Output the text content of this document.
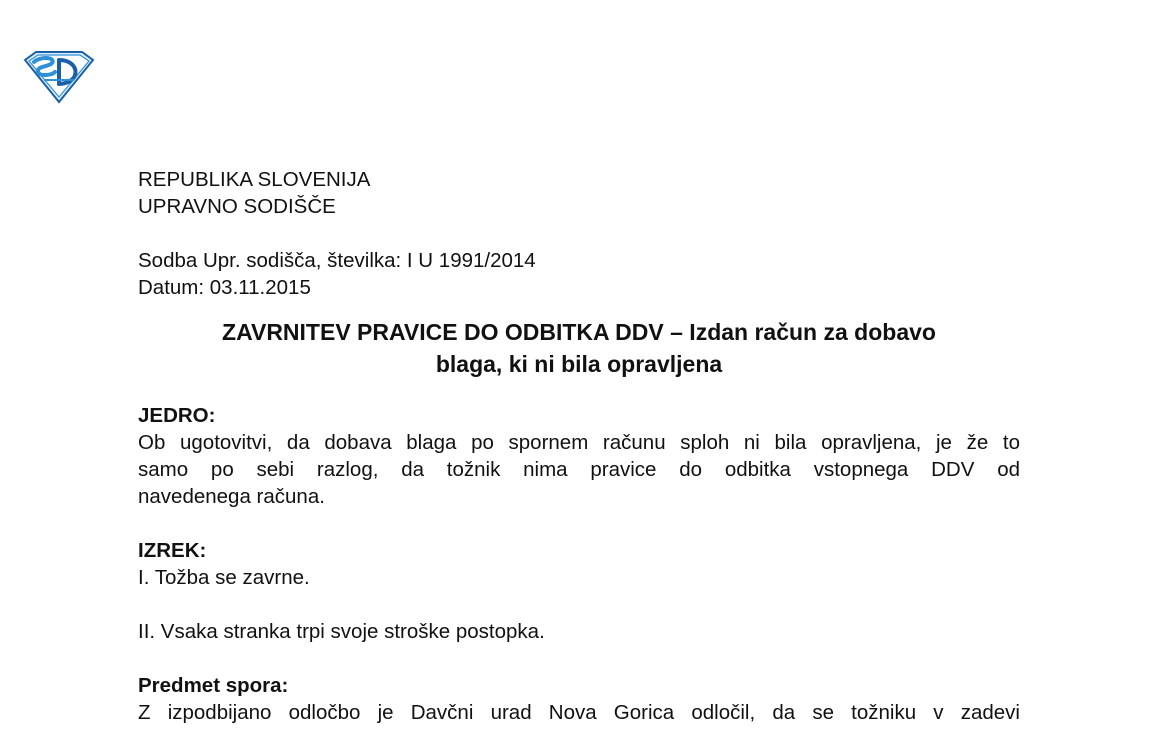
REPUBLIKA SLOVENIJA
UPRAVNO SODIŠČE
Sodba Upr. sodišča, številka: I U 1991/2014
Datum: 03.11.2015
ZAVRNITEV PRAVICE DO ODBITKA DDV – Izdan račun za dobavo
blaga, ki ni bila opravljena
JEDRO:
Ob ugotovitvi, da dobava blaga po spornem računu sploh ni bila opravljena, je že to
samo po sebi razlog, da tožnik nima pravice do odbitka vstopnega DDV od
navedenega računa.
IZREK:
I. Tožba se zavrne.
II. Vsaka stranka trpi svoje stroške postopka.
Predmet spora:
Z izpodbijano odločbo je Davčni urad Nova Gorica odločil, da se tožniku v zadevi
